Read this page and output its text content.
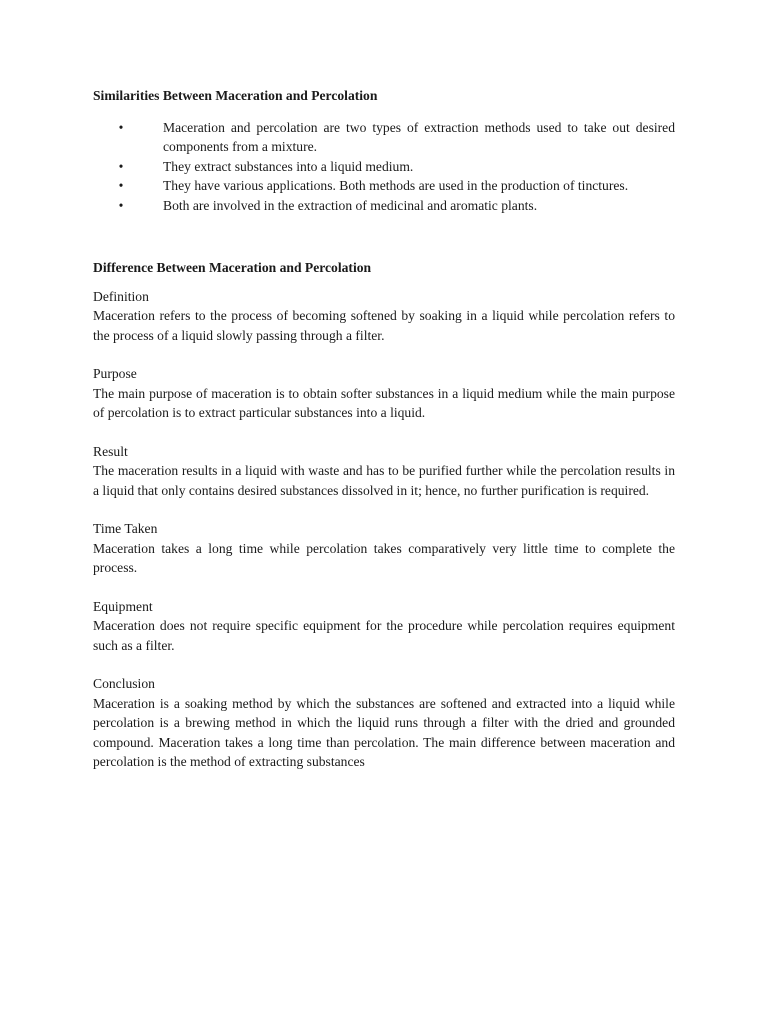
Similarities Between Maceration and Percolation

•	Maceration and percolation are two types of extraction methods used to take out desired components from a mixture.
•	They extract substances into a liquid medium.
•	They have various applications. Both methods are used in the production of tinctures.
•	Both are involved in the extraction of medicinal and aromatic plants.

Difference Between Maceration and Percolation

Definition
Maceration refers to the process of becoming softened by soaking in a liquid while percolation refers to the process of a liquid slowly passing through a filter.
Purpose
The main purpose of maceration is to obtain softer substances in a liquid medium while the main purpose of percolation is to extract particular substances into a liquid.
Result
The maceration results in a liquid with waste and has to be purified further while the percolation results in a liquid that only contains desired substances dissolved in it; hence, no further purification is required.
Time Taken
Maceration takes a long time while percolation takes comparatively very little time to complete the process.
Equipment
Maceration does not require specific equipment for the procedure while percolation requires equipment such as a filter.
Conclusion
Maceration is a soaking method by which the substances are softened and extracted into a liquid while percolation is a brewing method in which the liquid runs through a filter with the dried and grounded compound. Maceration takes a long time than percolation. The main difference between maceration and percolation is the method of extracting substances
